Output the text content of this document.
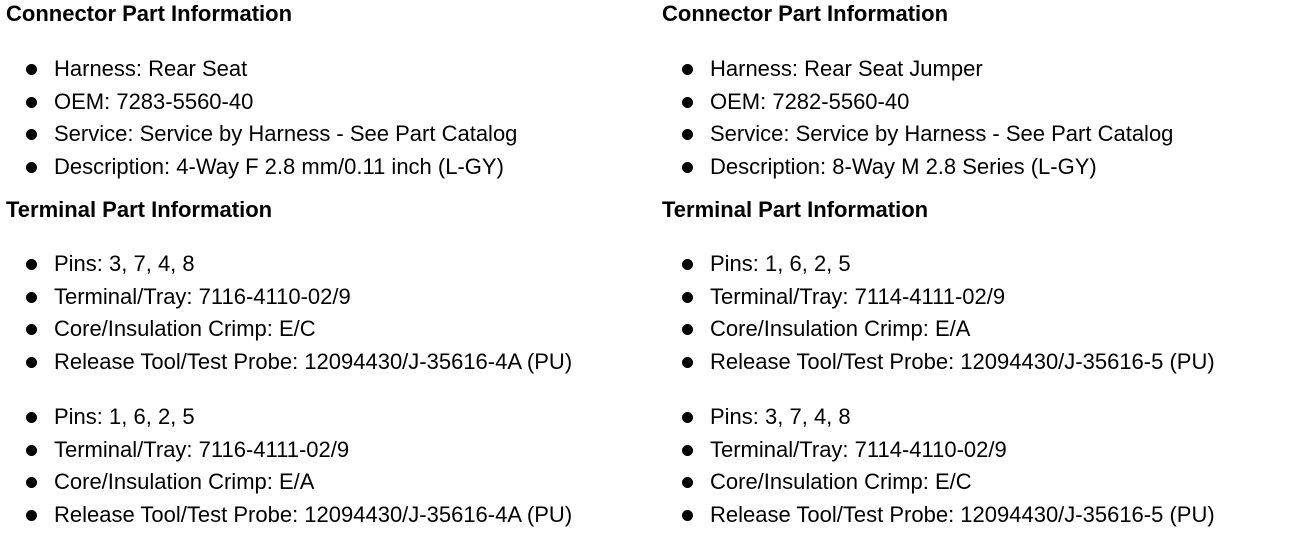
Connector Part Information
Harness: Rear Seat
OEM: 7283-5560-40
Service: Service by Harness - See Part Catalog
Description: 4-Way F 2.8 mm/0.11 inch (L-GY)
Terminal Part Information
Pins: 3, 7, 4, 8
Terminal/Tray: 7116-4110-02/9
Core/Insulation Crimp: E/C
Release Tool/Test Probe: 12094430/J-35616-4A (PU)
Pins: 1, 6, 2, 5
Terminal/Tray: 7116-4111-02/9
Core/Insulation Crimp: E/A
Release Tool/Test Probe: 12094430/J-35616-4A (PU)
Connector Part Information
Harness: Rear Seat Jumper
OEM: 7282-5560-40
Service: Service by Harness - See Part Catalog
Description: 8-Way M 2.8 Series (L-GY)
Terminal Part Information
Pins: 1, 6, 2, 5
Terminal/Tray: 7114-4111-02/9
Core/Insulation Crimp: E/A
Release Tool/Test Probe: 12094430/J-35616-5 (PU)
Pins: 3, 7, 4, 8
Terminal/Tray: 7114-4110-02/9
Core/Insulation Crimp: E/C
Release Tool/Test Probe: 12094430/J-35616-5 (PU)
